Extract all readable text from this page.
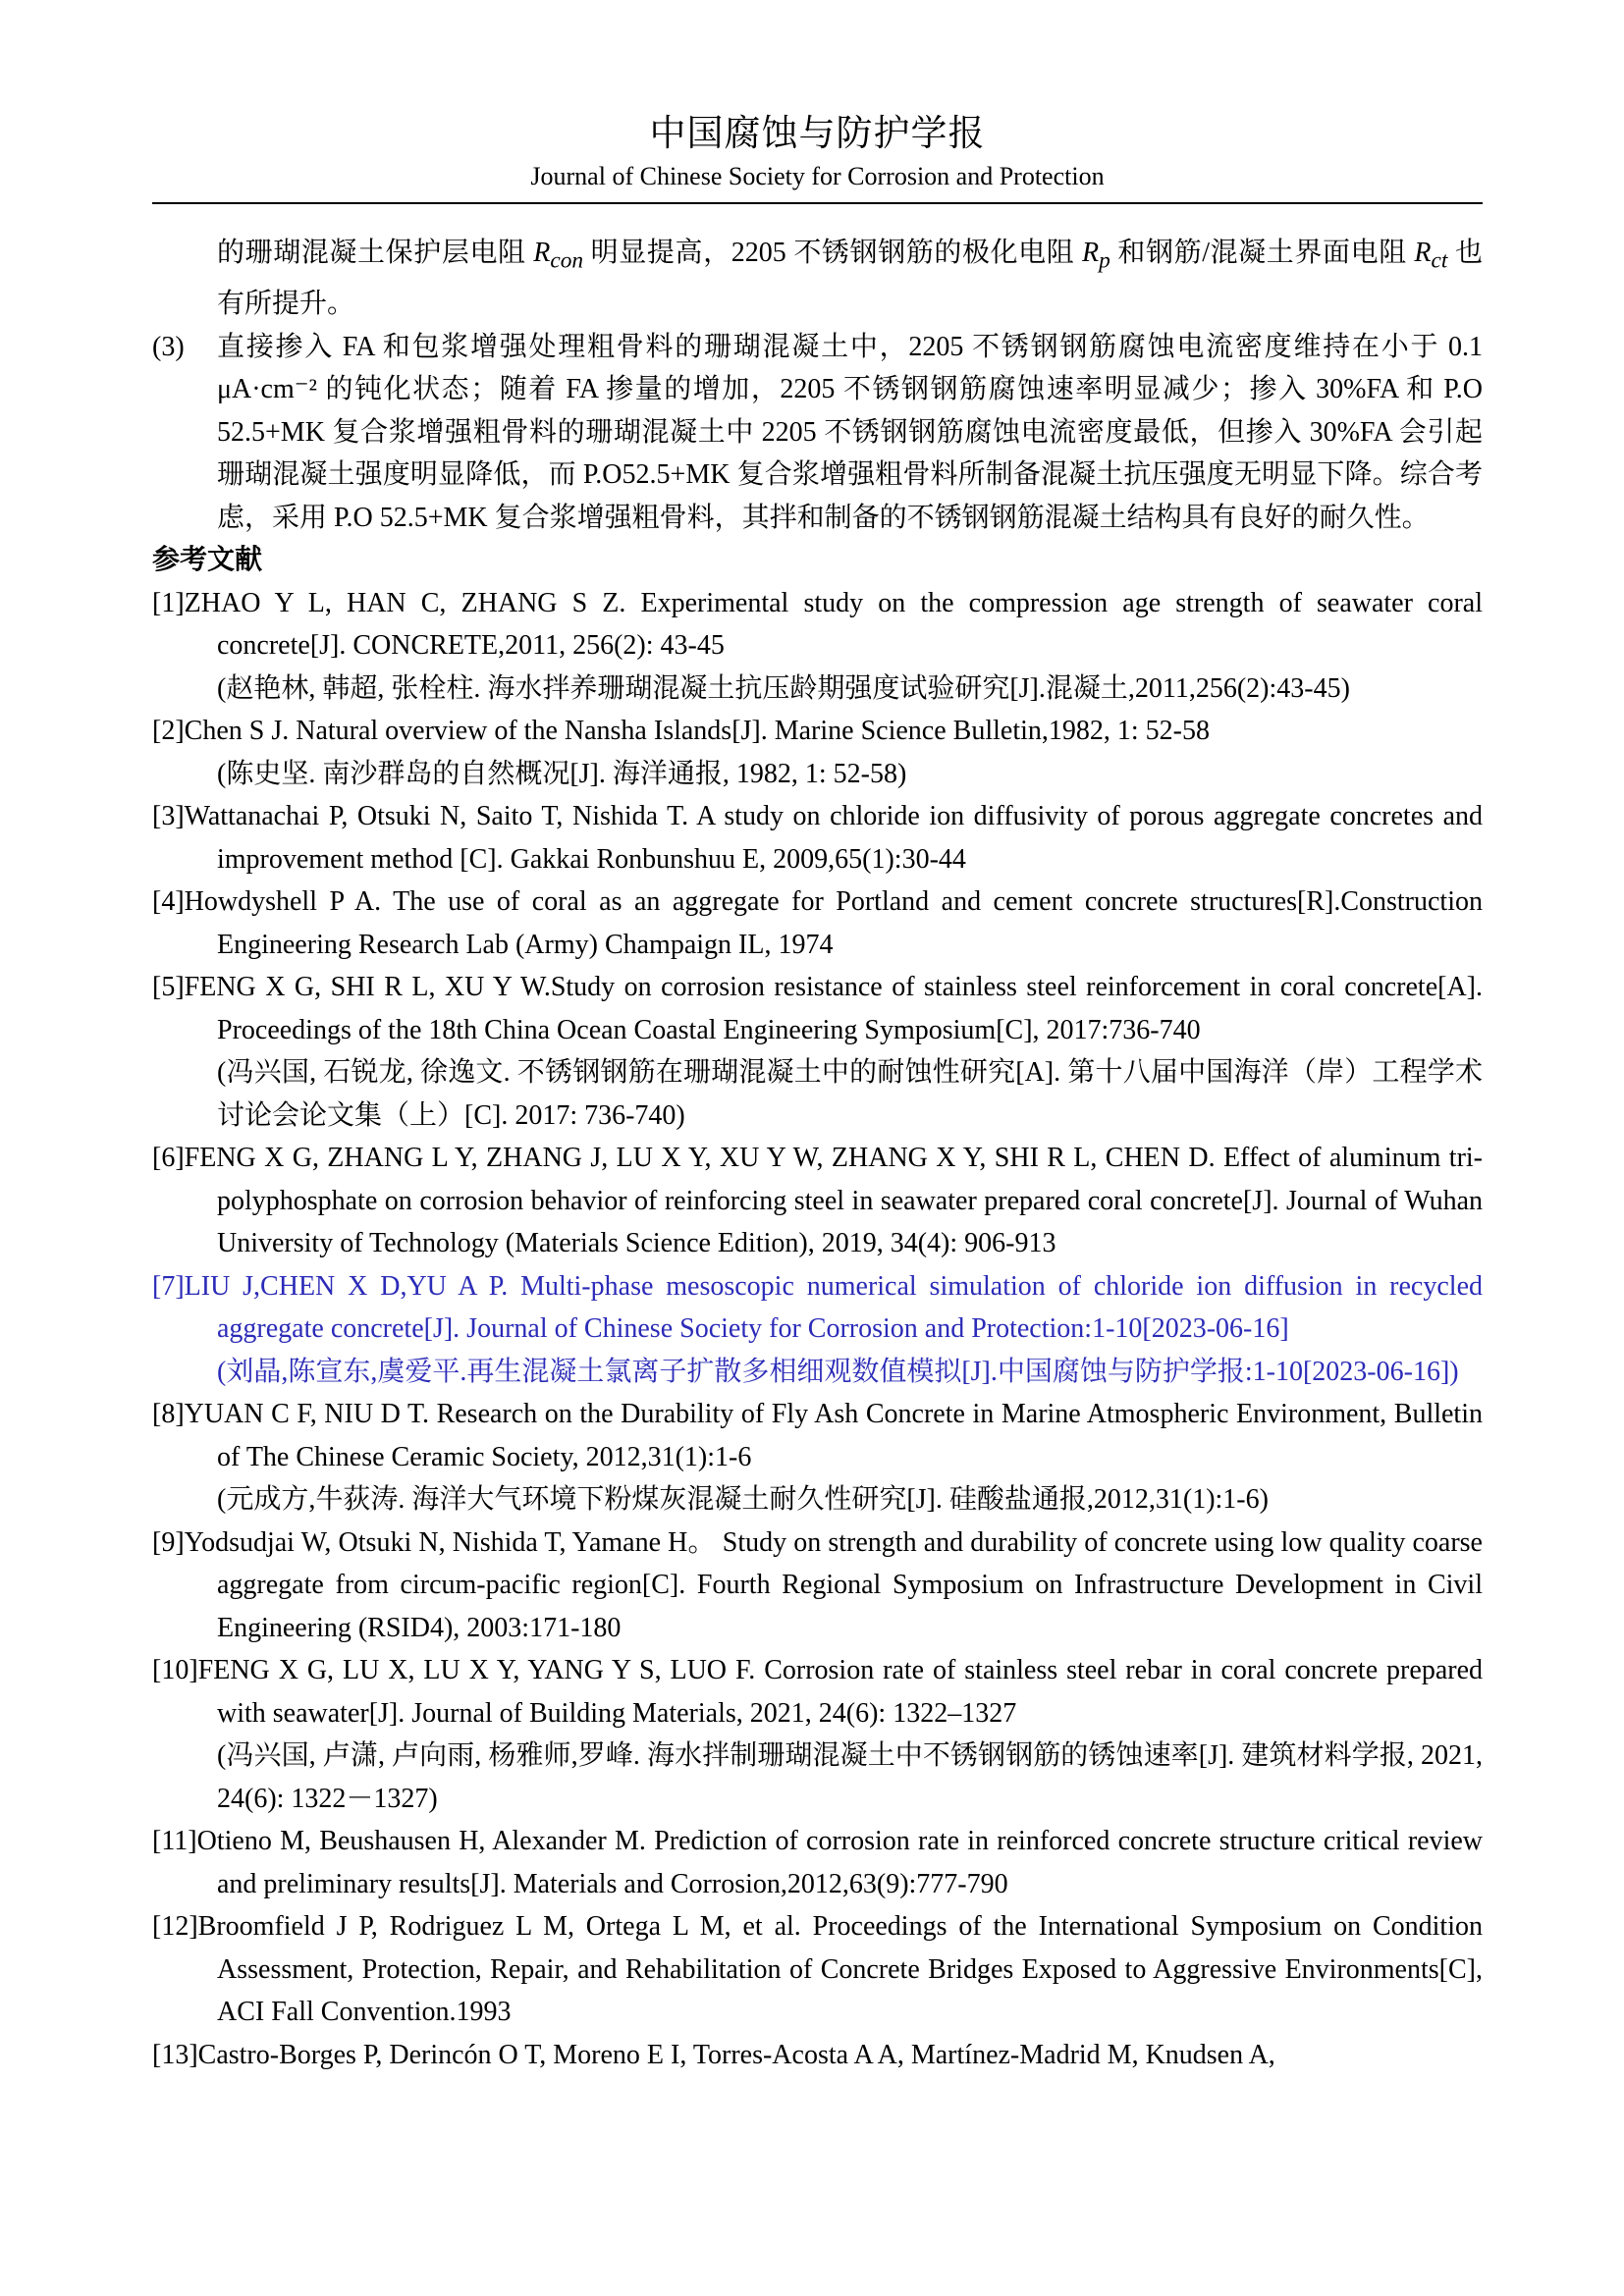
中国腐蚀与防护学报
Journal of Chinese Society for Corrosion and Protection

的珊瑚混凝土保护层电阻 $R_{con}$ 明显提高，2205 不锈钢钢筋的极化电阻 $R_p$ 和钢筋/混凝土界面电阻 $R_{ct}$ 也有所提升。

(3) 直接掺入 FA 和包浆增强处理粗骨料的珊瑚混凝土中，2205 不锈钢钢筋腐蚀电流密度维持在小于 0.1 μA·cm⁻² 的钝化状态；随着 FA 掺量的增加，2205 不锈钢钢筋腐蚀速率明显减少；掺入 30%FA 和 P.O 52.5+MK 复合浆增强粗骨料的珊瑚混凝土中 2205 不锈钢钢筋腐蚀电流密度最低，但掺入 30%FA 会引起珊瑚混凝土强度明显降低，而 P.O52.5+MK 复合浆增强粗骨料所制备混凝土抗压强度无明显下降。综合考虑，采用 P.O 52.5+MK 复合浆增强粗骨料，其拌和制备的不锈钢钢筋混凝土结构具有良好的耐久性。

参考文献

[1]ZHAO Y L, HAN C, ZHANG S Z. Experimental study on the compression age strength of seawater coral concrete[J]. CONCRETE,2011, 256(2): 43-45
(赵艳林, 韩超, 张栓柱. 海水拌养珊瑚混凝土抗压龄期强度试验研究[J].混凝土,2011,256(2):43-45)

[2]Chen S J. Natural overview of the Nansha Islands[J]. Marine Science Bulletin,1982, 1: 52-58
(陈史坚. 南沙群岛的自然概况[J]. 海洋通报, 1982, 1: 52-58)

[3]Wattanachai P, Otsuki N, Saito T, Nishida T. A study on chloride ion diffusivity of porous aggregate concretes and improvement method [C]. Gakkai Ronbunshuu E, 2009,65(1):30-44

[4]Howdyshell P A. The use of coral as an aggregate for Portland and cement concrete structures[R].Construction Engineering Research Lab (Army) Champaign IL, 1974

[5]FENG X G, SHI R L, XU Y W.Study on corrosion resistance of stainless steel reinforcement in coral concrete[A]. Proceedings of the 18th China Ocean Coastal Engineering Symposium[C], 2017:736-740
(冯兴国, 石锐龙, 徐逸文. 不锈钢钢筋在珊瑚混凝土中的耐蚀性研究[A]. 第十八届中国海洋（岸）工程学术讨论会论文集（上）[C]. 2017: 736-740)

[6]FENG X G, ZHANG L Y, ZHANG J, LU X Y, XU Y W, ZHANG X Y, SHI R L, CHEN D. Effect of aluminum tri-polyphosphate on corrosion behavior of reinforcing steel in seawater prepared coral concrete[J]. Journal of Wuhan University of Technology (Materials Science Edition), 2019, 34(4): 906-913

[7]LIU J,CHEN X D,YU A P. Multi-phase mesoscopic numerical simulation of chloride ion diffusion in recycled aggregate concrete[J]. Journal of Chinese Society for Corrosion and Protection:1-10[2023-06-16]
(刘晶,陈宣东,虞爱平.再生混凝土氯离子扩散多相细观数值模拟[J].中国腐蚀与防护学报:1-10[2023-06-16])

[8]YUAN C F, NIU D T. Research on the Durability of Fly Ash Concrete in Marine Atmospheric Environment, Bulletin of The Chinese Ceramic Society, 2012,31(1):1-6
(元成方,牛荻涛. 海洋大气环境下粉煤灰混凝土耐久性研究[J]. 硅酸盐通报,2012,31(1):1-6)

[9]Yodsudjai W, Otsuki N, Nishida T, Yamane H。 Study on strength and durability of concrete using low quality coarse aggregate from circum-pacific region[C]. Fourth Regional Symposium on Infrastructure Development in Civil Engineering (RSID4), 2003:171-180

[10]FENG X G, LU X, LU X Y, YANG Y S, LUO F. Corrosion rate of stainless steel rebar in coral concrete prepared with seawater[J]. Journal of Building Materials, 2021, 24(6): 1322–1327
(冯兴国, 卢潇, 卢向雨, 杨雅师,罗峰. 海水拌制珊瑚混凝土中不锈钢钢筋的锈蚀速率[J]. 建筑材料学报, 2021, 24(6): 1322－1327)

[11]Otieno M, Beushausen H, Alexander M. Prediction of corrosion rate in reinforced concrete structure critical review and preliminary results[J]. Materials and Corrosion,2012,63(9):777-790

[12]Broomfield J P, Rodriguez L M, Ortega L M, et al. Proceedings of the International Symposium on Condition Assessment, Protection, Repair, and Rehabilitation of Concrete Bridges Exposed to Aggressive Environments[C], ACI Fall Convention.1993

[13]Castro-Borges P, Derincón O T, Moreno E I, Torres-Acosta A A, Martínez-Madrid M, Knudsen A,
